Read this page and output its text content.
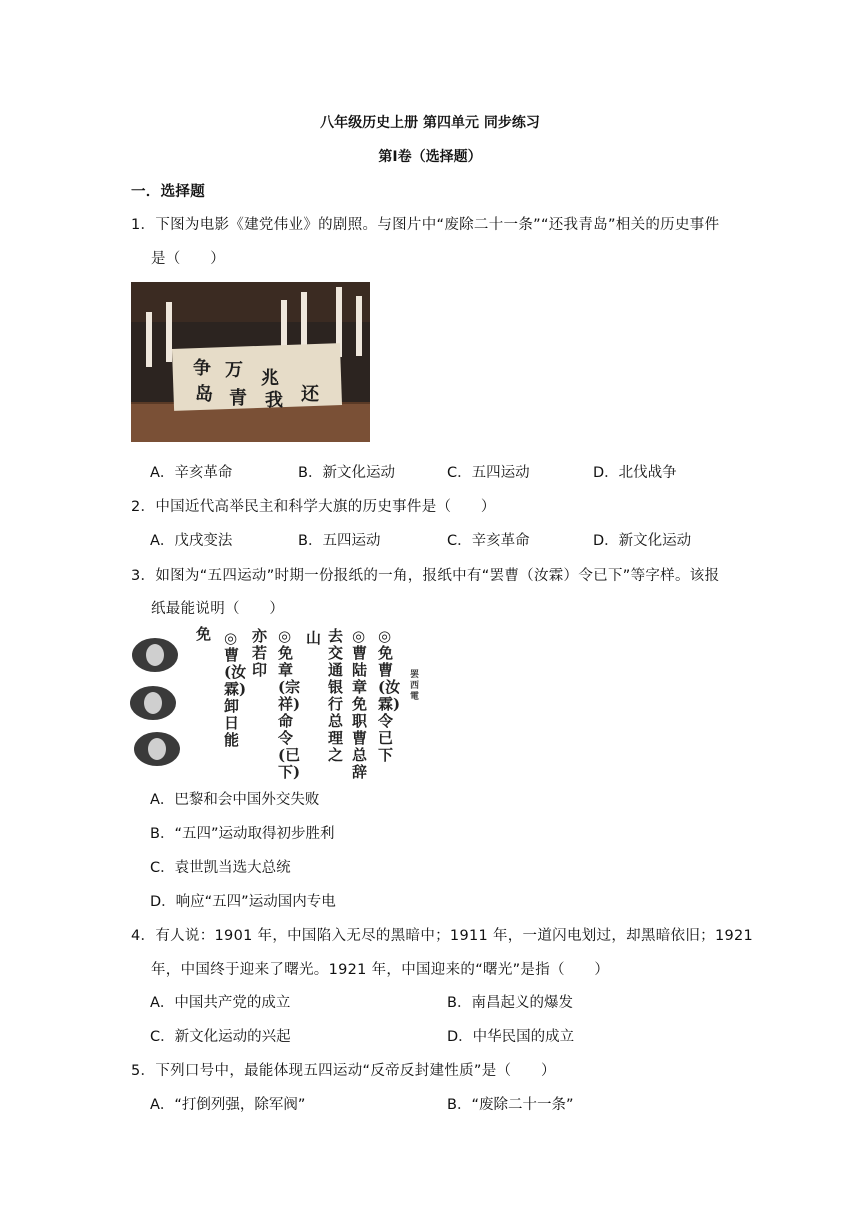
八年级历史上册 第四单元 同步练习
第Ⅰ卷（选择题）
一．选择题
1．下图为电影《建党伟业》的剧照。与图片中“废除二十一条”“还我青岛”相关的历史事件
是（　　）
争
岛
万
青
兆
我 还
A．辛亥革命	B．新文化运动	C．五四运动	D．北伐战争
2．中国近代高举民主和科学大旗的历史事件是（　　）
A．戊戌变法	B．五四运动	C．辛亥革命	D．新文化运动
3．如图为“五四运动”时期一份报纸的一角，报纸中有“罢曹（汝霖）令已下”等字样。该报
纸最能说明（　　）
免 ◎曹(汝霖)卸日能
亦若印
◎免章(宗祥)命令(已下)
山 去交通银行总理之
◎曹陆章免职曹总辞
◎免曹(汝霖)令已下
罢西電
A．巴黎和会中国外交失败
B．“五四”运动取得初步胜利
C．袁世凯当选大总统
D．响应“五四”运动国内专电
4．有人说：1901 年，中国陷入无尽的黑暗中；1911 年，一道闪电划过，却黑暗依旧；1921
年，中国终于迎来了曙光。1921 年，中国迎来的“曙光”是指（　　）
A．中国共产党的成立	B．南昌起义的爆发
C．新文化运动的兴起	D．中华民国的成立
5．下列口号中，最能体现五四运动“反帝反封建性质”是（　　）
A．“打倒列强，除军阀”	B．“废除二十一条”
